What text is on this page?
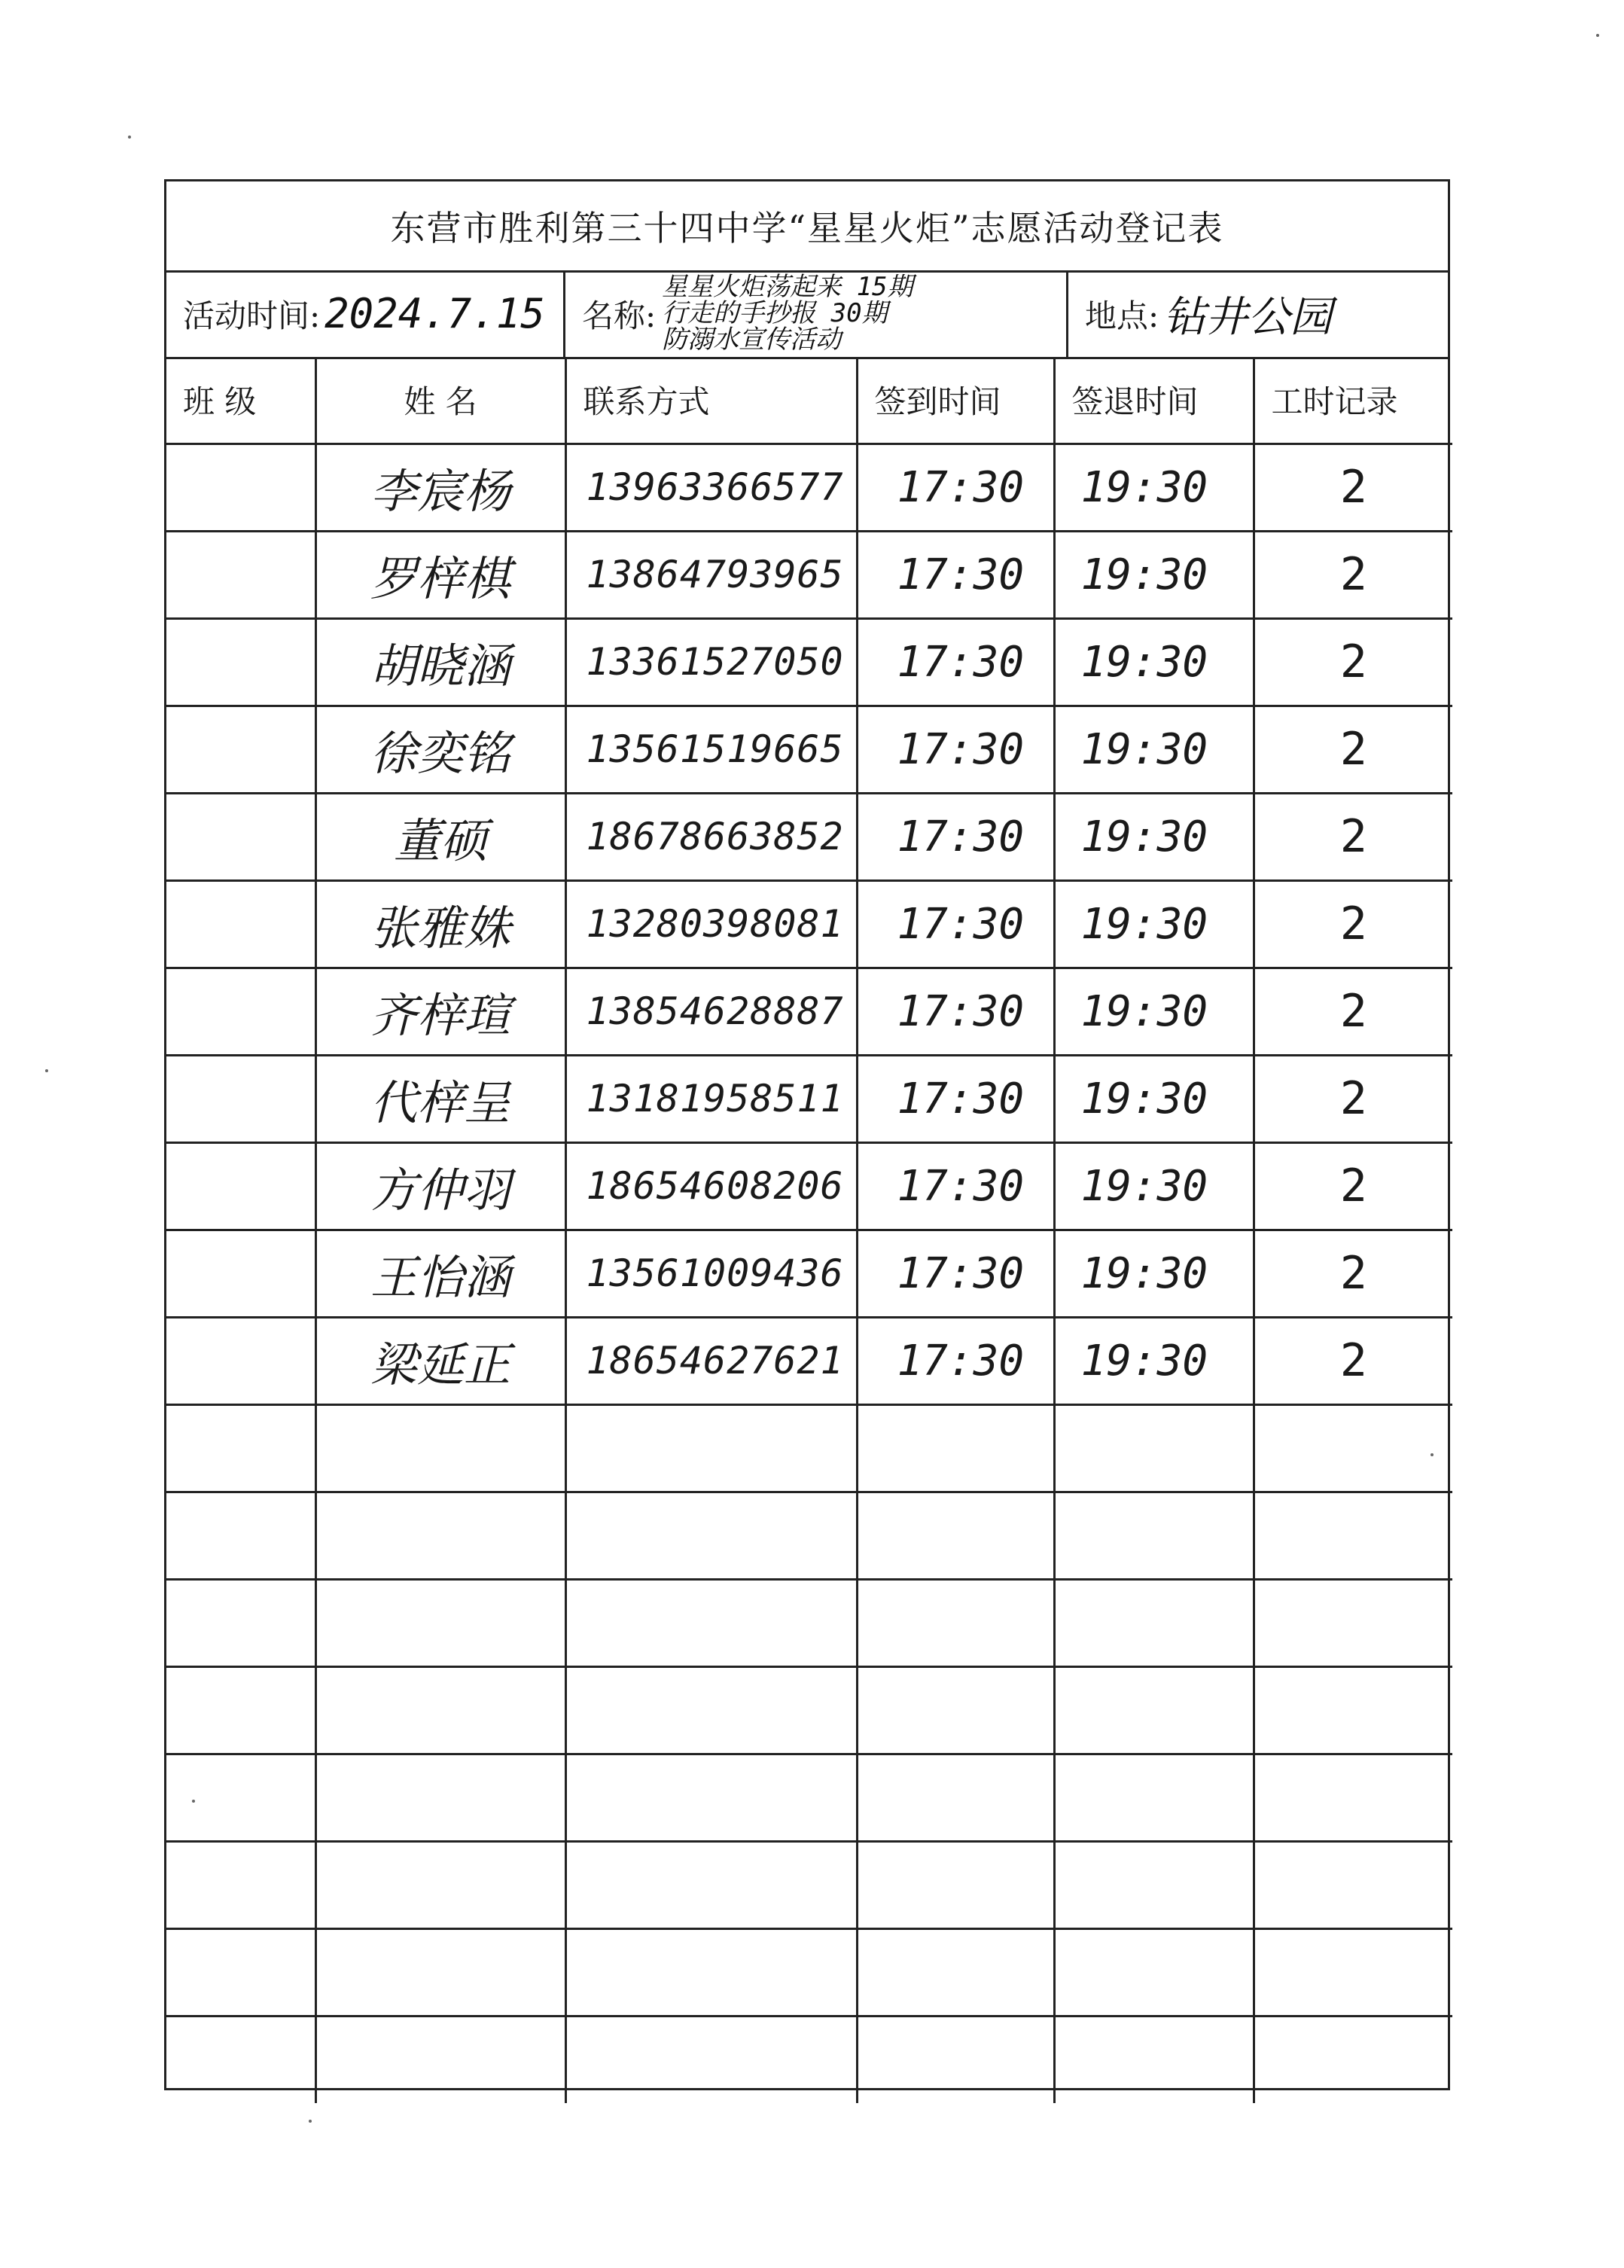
东营市胜利第三十四中学“星星火炬”志愿活动登记表
活动时间: 2024.7.15 名称:
星星火炬荡起来 15期
行走的手抄报 30期
防溺水宣传活动
地点: 钻井公园
班 级	姓 名	联系方式	签到时间	签退时间	工时记录
	李宸杨	13963366577	17:30	19:30	2
	罗梓棋	13864793965	17:30	19:30	2
	胡晓涵	13361527050	17:30	19:30	2
	徐奕铭	13561519665	17:30	19:30	2
	董硕	18678663852	17:30	19:30	2
	张雅姝	13280398081	17:30	19:30	2
	齐梓瑄	13854628887	17:30	19:30	2
	代梓呈	13181958511	17:30	19:30	2
	方仲羽	18654608206	17:30	19:30	2
	王怡涵	13561009436	17:30	19:30	2
	梁延正	18654627621	17:30	19:30	2
